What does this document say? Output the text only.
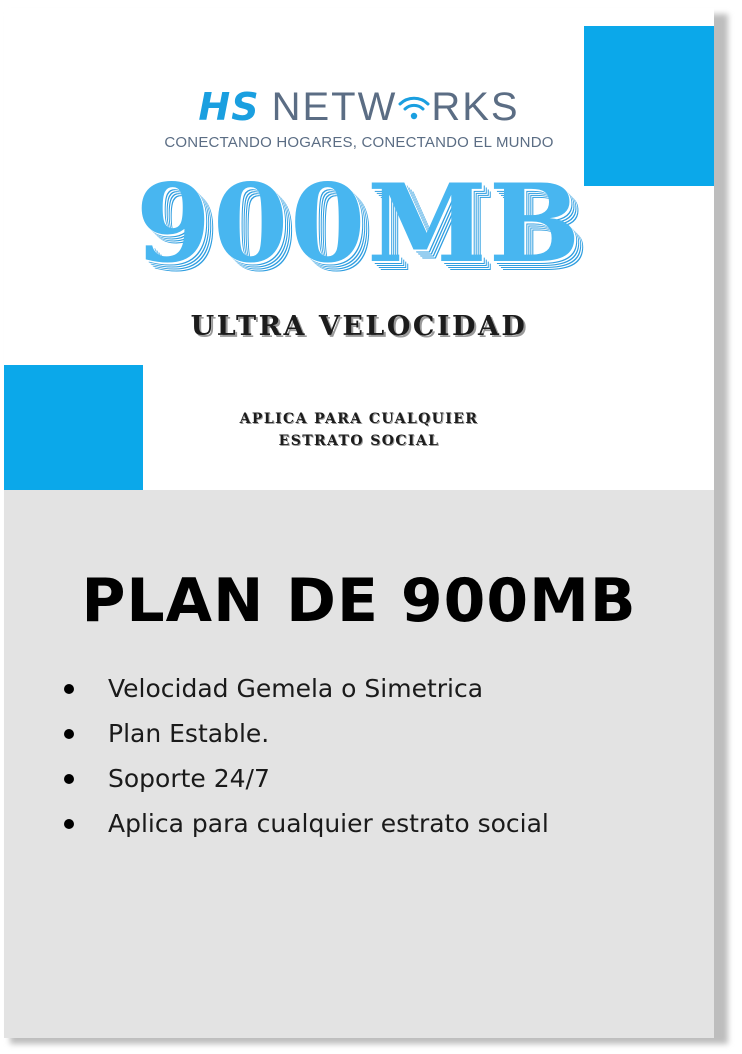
HS NETW RKS
CONECTANDO HOGARES, CONECTANDO EL MUNDO
900MB
ULTRA VELOCIDAD
APLICA PARA CUALQUIER
ESTRATO SOCIAL
PLAN DE 900MB
Velocidad Gemela o Simetrica
Plan Estable.
Soporte 24/7
Aplica para cualquier estrato social
